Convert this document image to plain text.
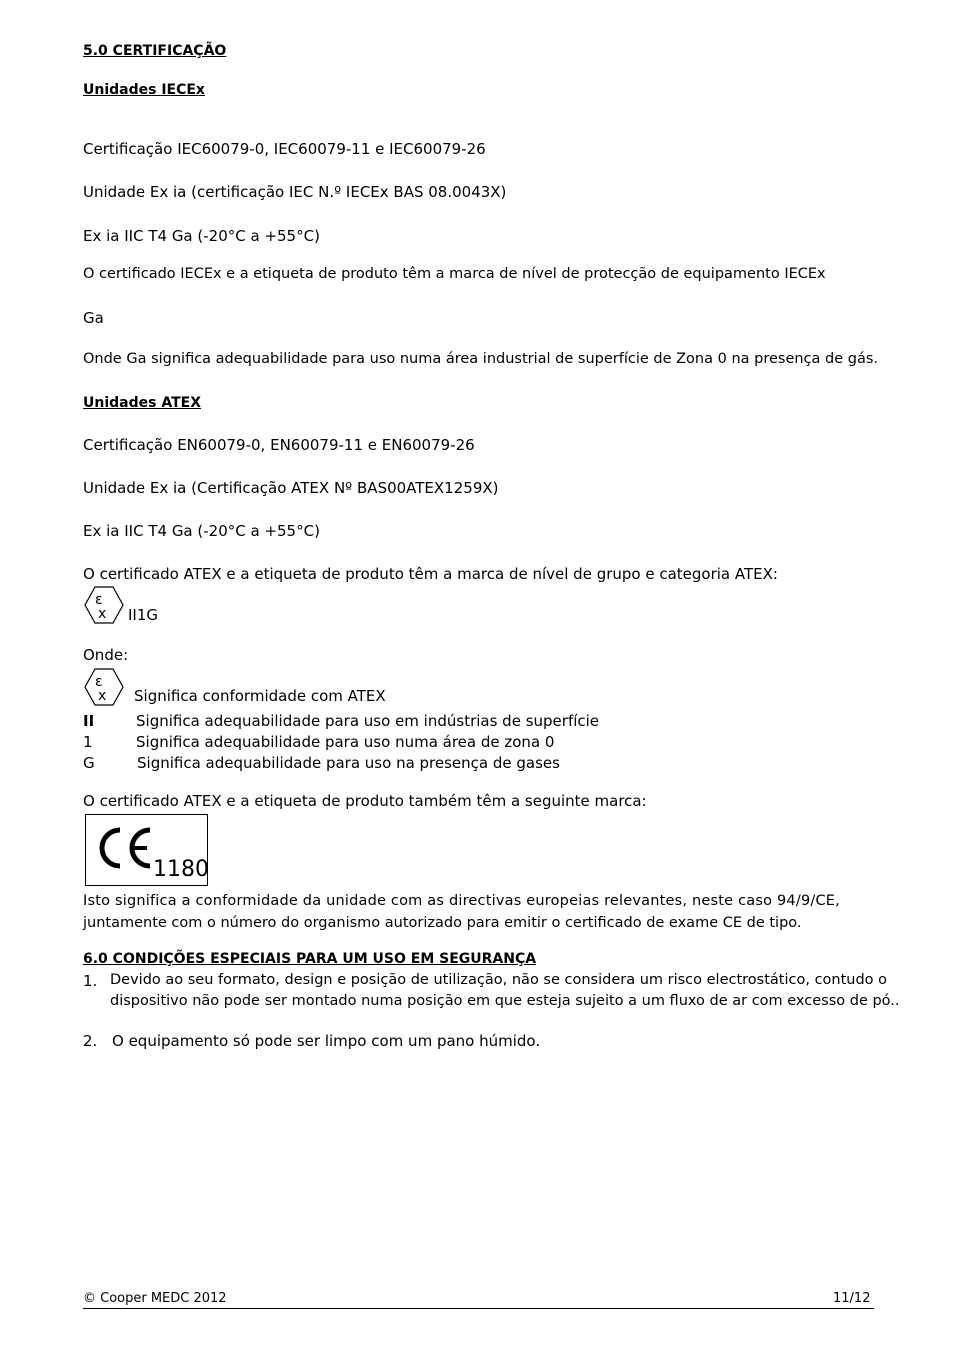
5.0 CERTIFICAÇÃO
Unidades IECEx
Certificação IEC60079-0, IEC60079-11 e IEC60079-26
Unidade Ex ia (certificação IEC N.º IECEx BAS 08.0043X)
Ex ia IIC T4 Ga (-20°C a +55°C)
O certificado IECEx e a etiqueta de produto têm a marca de nível de protecção de equipamento IECEx
Ga
Onde Ga significa adequabilidade para uso numa área industrial de superfície de Zona 0 na presença de gás.
Unidades ATEX
Certificação EN60079-0, EN60079-11 e EN60079-26
Unidade Ex ia (Certificação ATEX Nº BAS00ATEX1259X)
Ex ia IIC T4 Ga (-20°C a +55°C)
O certificado ATEX e a etiqueta de produto têm a marca de nível de grupo e categoria ATEX:
ε
x II1G
Onde:
ε
x Significa conformidade com ATEX
II	Significa adequabilidade para uso em indústrias de superfície
1	Significa adequabilidade para uso numa área de zona 0
G	Significa adequabilidade para uso na presença de gases
O certificado ATEX e a etiqueta de produto também têm a seguinte marca:
1180
Isto significa a conformidade da unidade com as directivas europeias relevantes, neste caso 94/9/CE,
juntamente com o número do organismo autorizado para emitir o certificado de exame CE de tipo.
6.0 CONDIÇÕES ESPECIAIS PARA UM USO EM SEGURANÇA
1. Devido ao seu formato, design e posição de utilização, não se considera um risco electrostático, contudo o
dispositivo não pode ser montado numa posição em que esteja sujeito a um fluxo de ar com excesso de pó..
2. O equipamento só pode ser limpo com um pano húmido.
© Cooper MEDC 2012	11/12
